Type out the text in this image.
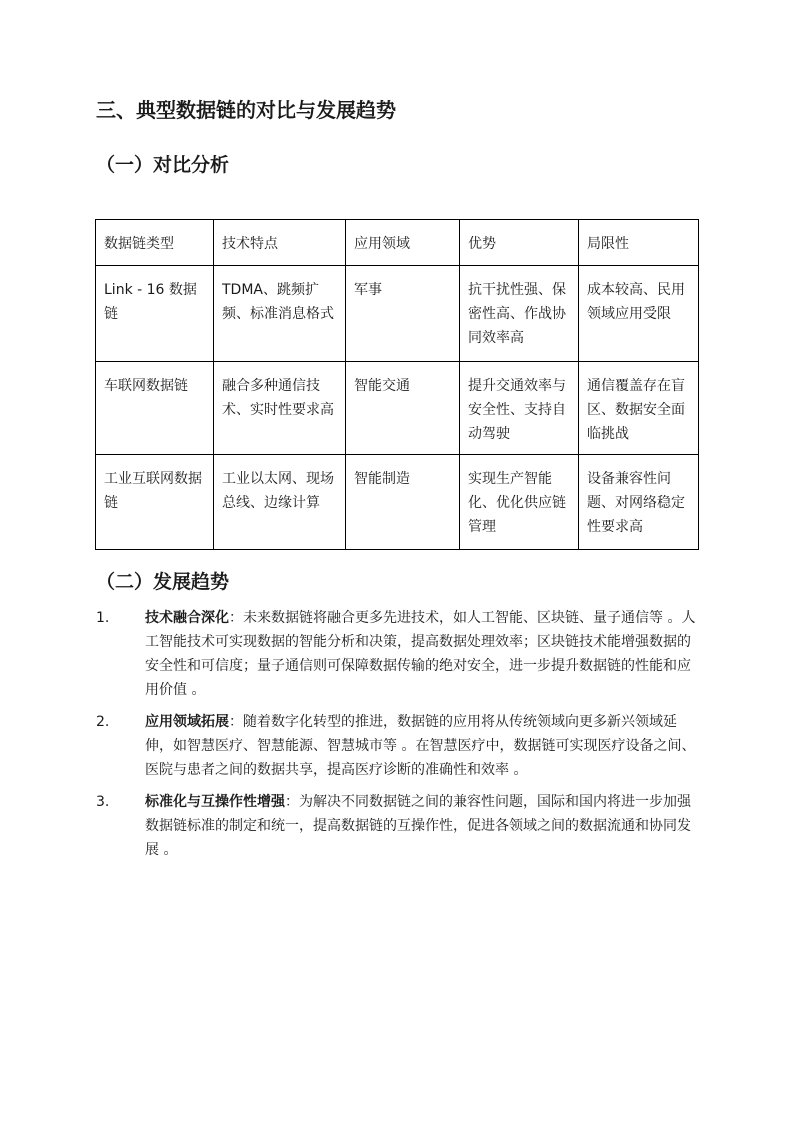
三、典型数据链的对比与发展趋势
（一）对比分析
数据链类型	技术特点	应用领域	优势	局限性
Link - 16 数据链	TDMA、跳频扩频、标准消息格式	军事	抗干扰性强、保密性高、作战协同效率高	成本较高、民用领域应用受限
车联网数据链	融合多种通信技术、实时性要求高	智能交通	提升交通效率与安全性、支持自动驾驶	通信覆盖存在盲区、数据安全面临挑战
工业互联网数据链	工业以太网、现场总线、边缘计算	智能制造	实现生产智能化、优化供应链管理	设备兼容性问题、对网络稳定性要求高
（二）发展趋势
1.	技术融合深化：未来数据链将融合更多先进技术，如人工智能、区块链、量子通信等 。人工智能技术可实现数据的智能分析和决策，提高数据处理效率；区块链技术能增强数据的安全性和可信度；量子通信则可保障数据传输的绝对安全，进一步提升数据链的性能和应用价值 。
2.	应用领域拓展：随着数字化转型的推进，数据链的应用将从传统领域向更多新兴领域延伸，如智慧医疗、智慧能源、智慧城市等 。在智慧医疗中，数据链可实现医疗设备之间、医院与患者之间的数据共享，提高医疗诊断的准确性和效率 。
3.	标准化与互操作性增强：为解决不同数据链之间的兼容性问题，国际和国内将进一步加强数据链标准的制定和统一，提高数据链的互操作性，促进各领域之间的数据流通和协同发展 。
